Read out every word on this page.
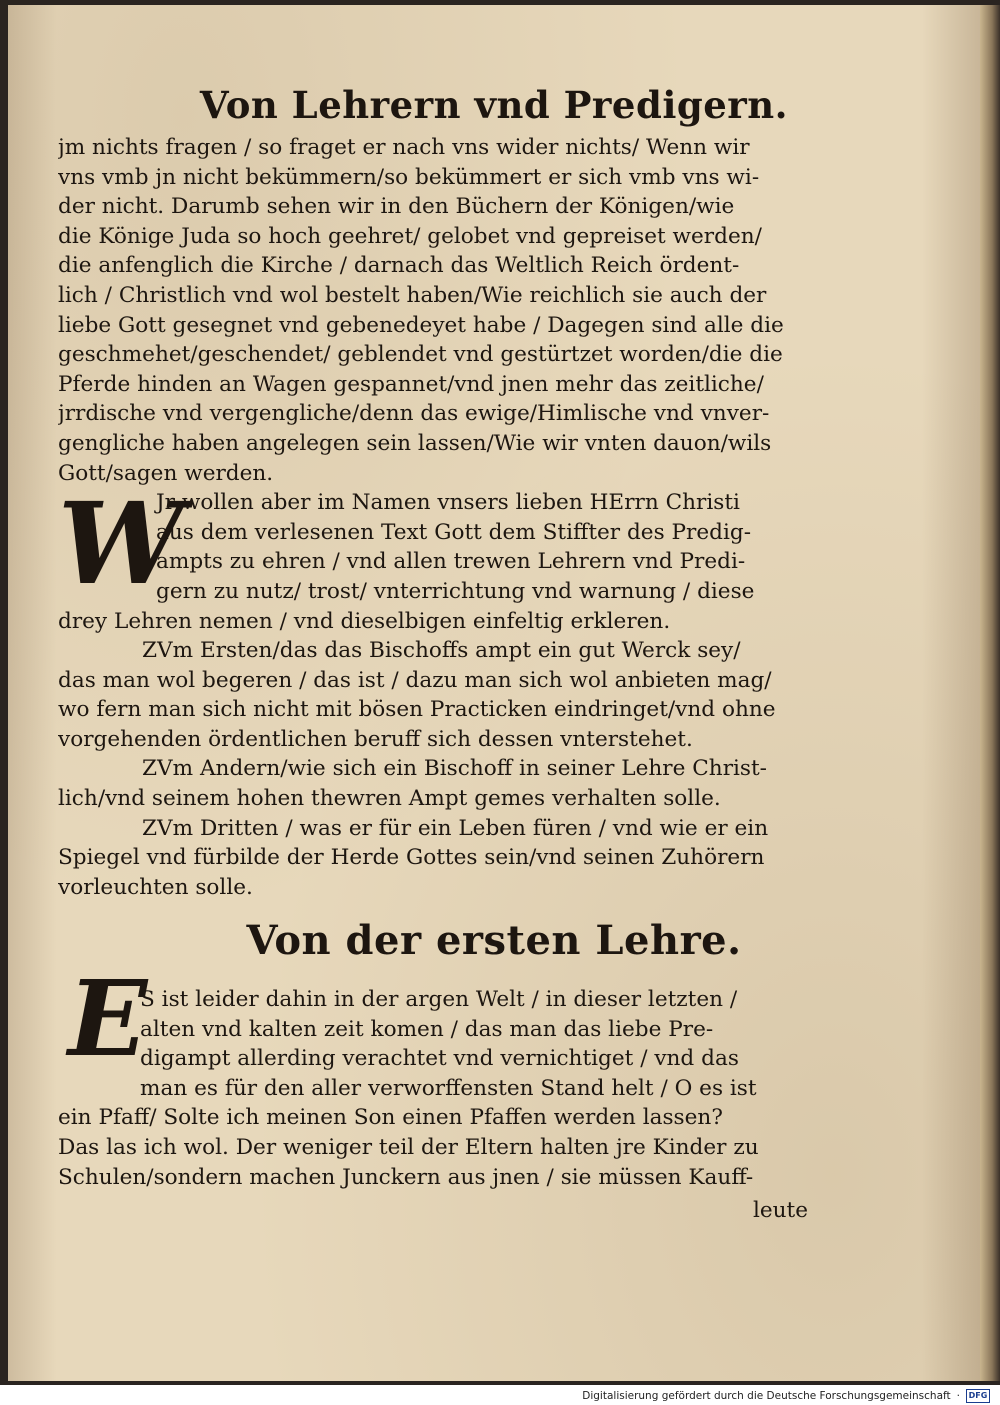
Von Lehrern vnd Predigern.
jm nichts fragen / so fraget er nach vns wider nichts/ Wenn wir
vns vmb jn nicht bekümmern/so bekümmert er sich vmb vns wi-
der nicht. Darumb sehen wir in den Büchern der Königen/wie
die Könige Juda so hoch geehret/ gelobet vnd gepreiset werden/
die anfenglich die Kirche / darnach das Weltlich Reich ördent-
lich / Christlich vnd wol bestelt haben/Wie reichlich sie auch der
liebe Gott gesegnet vnd gebenedeyet habe / Dagegen sind alle die
geschmehet/geschendet/ geblendet vnd gestürtzet worden/die die
Pferde hinden an Wagen gespannet/vnd jnen mehr das zeitliche/
jrrdische vnd vergengliche/denn das ewige/Himlische vnd vnver-
gengliche haben angelegen sein lassen/Wie wir vnten dauon/wils
Gott/sagen werden.
W
Jr wollen aber im Namen vnsers lieben HErrn Christi
aus dem verlesenen Text Gott dem Stiffter des Predig-
ampts zu ehren / vnd allen trewen Lehrern vnd Predi-
gern zu nutz/ trost/ vnterrichtung vnd warnung / diese
drey Lehren nemen / vnd dieselbigen einfeltig erkleren.
ZVm Ersten/das das Bischoffs ampt ein gut Werck sey/
das man wol begeren / das ist / dazu man sich wol anbieten mag/
wo fern man sich nicht mit bösen Practicken eindringet/vnd ohne
vorgehenden ördentlichen beruff sich dessen vnterstehet.
ZVm Andern/wie sich ein Bischoff in seiner Lehre Christ-
lich/vnd seinem hohen thewren Ampt gemes verhalten solle.
ZVm Dritten / was er für ein Leben füren / vnd wie er ein
Spiegel vnd fürbilde der Herde Gottes sein/vnd seinen Zuhörern
vorleuchten solle.
Von der ersten Lehre.
E
S ist leider dahin in der argen Welt / in dieser letzten /
alten vnd kalten zeit komen / das man das liebe Pre-
digampt allerding verachtet vnd vernichtiget / vnd das
man es für den aller verworffensten Stand helt / O es ist
ein Pfaff/ Solte ich meinen Son einen Pfaffen werden lassen?
Das las ich wol. Der weniger teil der Eltern halten jre Kinder zu
Schulen/sondern machen Junckern aus jnen / sie müssen Kauff-
leute
Digitalisierung gefördert durch die Deutsche Forschungsgemeinschaft ·	DFG
